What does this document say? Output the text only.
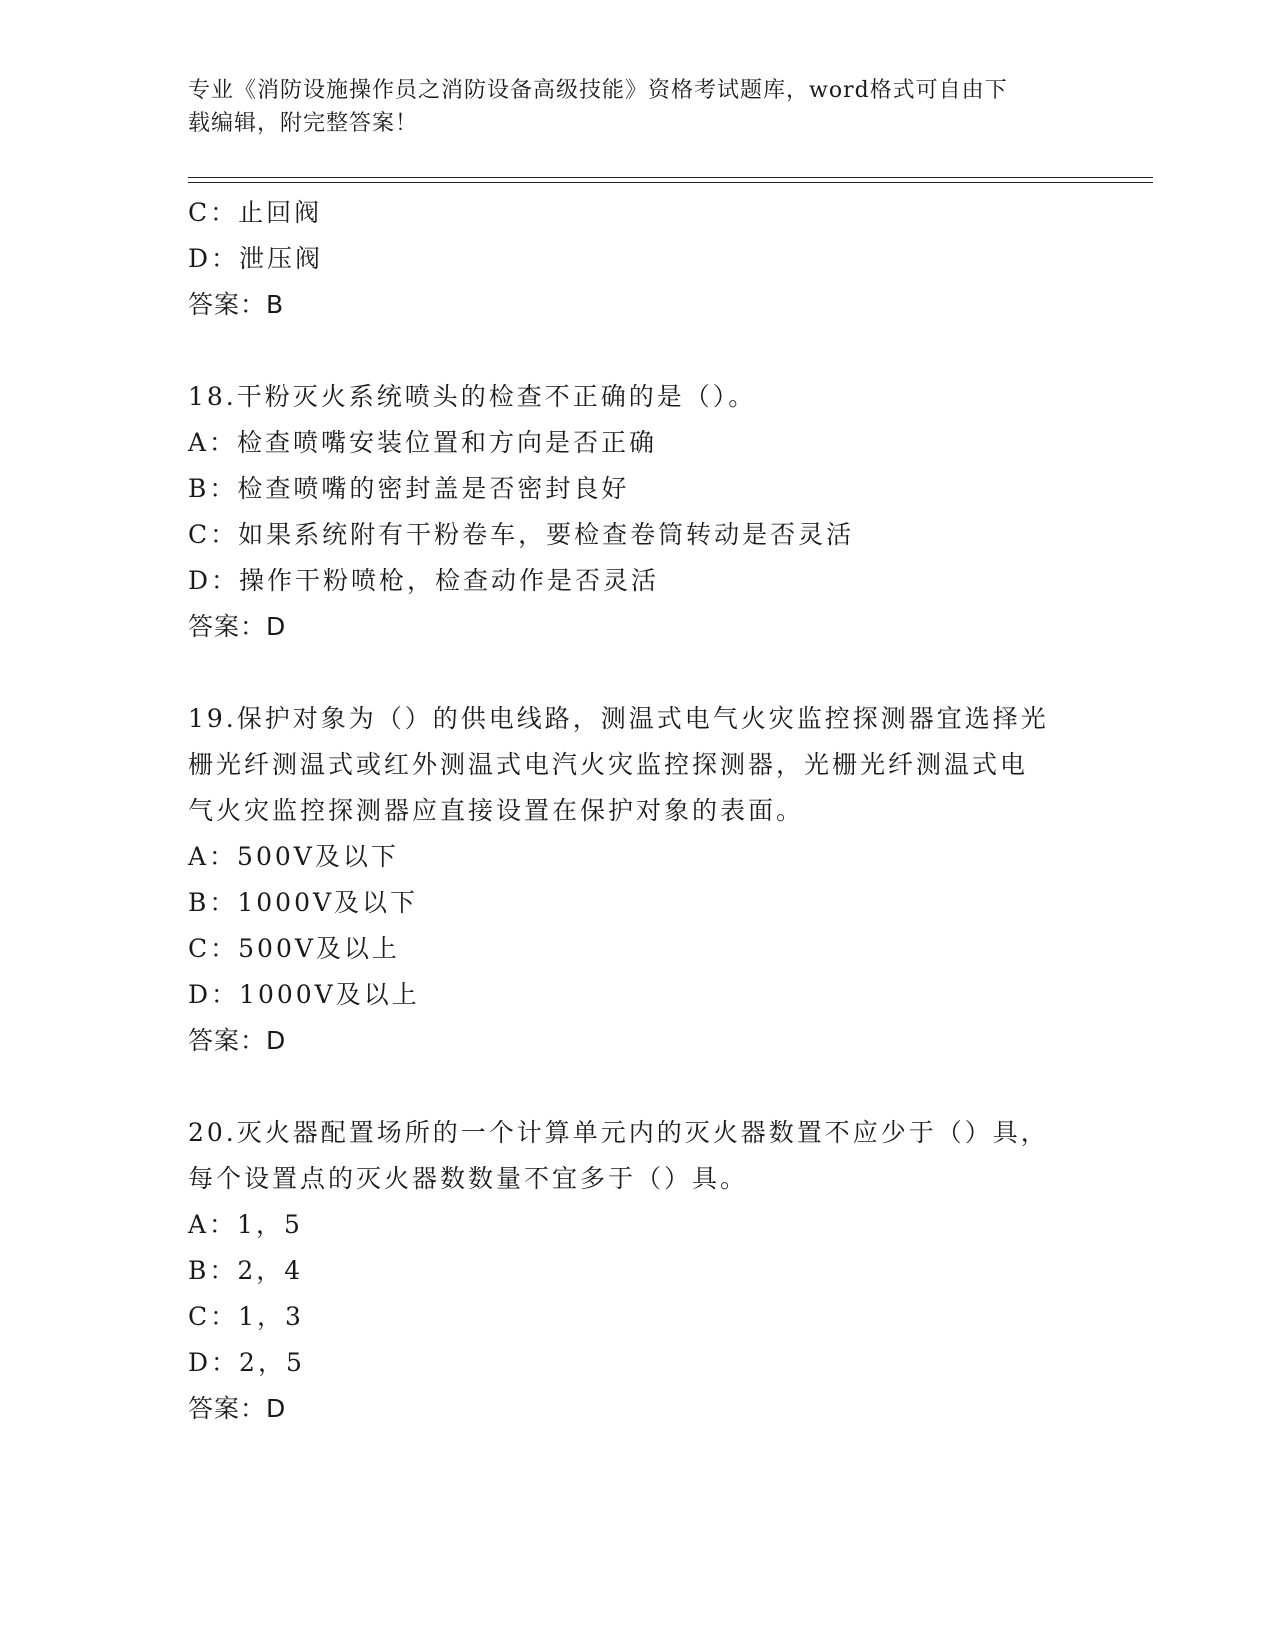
专业《消防设施操作员之消防设备高级技能》资格考试题库，word格式可自由下
载编辑，附完整答案！
C：止回阀
D：泄压阀
答案：B
18.干粉灭火系统喷头的检查不正确的是（）。
A：检查喷嘴安装位置和方向是否正确
B：检查喷嘴的密封盖是否密封良好
C：如果系统附有干粉卷车，要检查卷筒转动是否灵活
D：操作干粉喷枪，检查动作是否灵活
答案：D
19.保护对象为（）的供电线路，测温式电气火灾监控探测器宜选择光
栅光纤测温式或红外测温式电汽火灾监控探测器，光栅光纤测温式电
气火灾监控探测器应直接设置在保护对象的表面。
A：500V及以下
B：1000V及以下
C：500V及以上
D：1000V及以上
答案：D
20.灭火器配置场所的一个计算单元内的灭火器数置不应少于（）具，
每个设置点的灭火器数数量不宜多于（）具。
A：1，5
B：2，4
C：1，3
D：2，5
答案：D
